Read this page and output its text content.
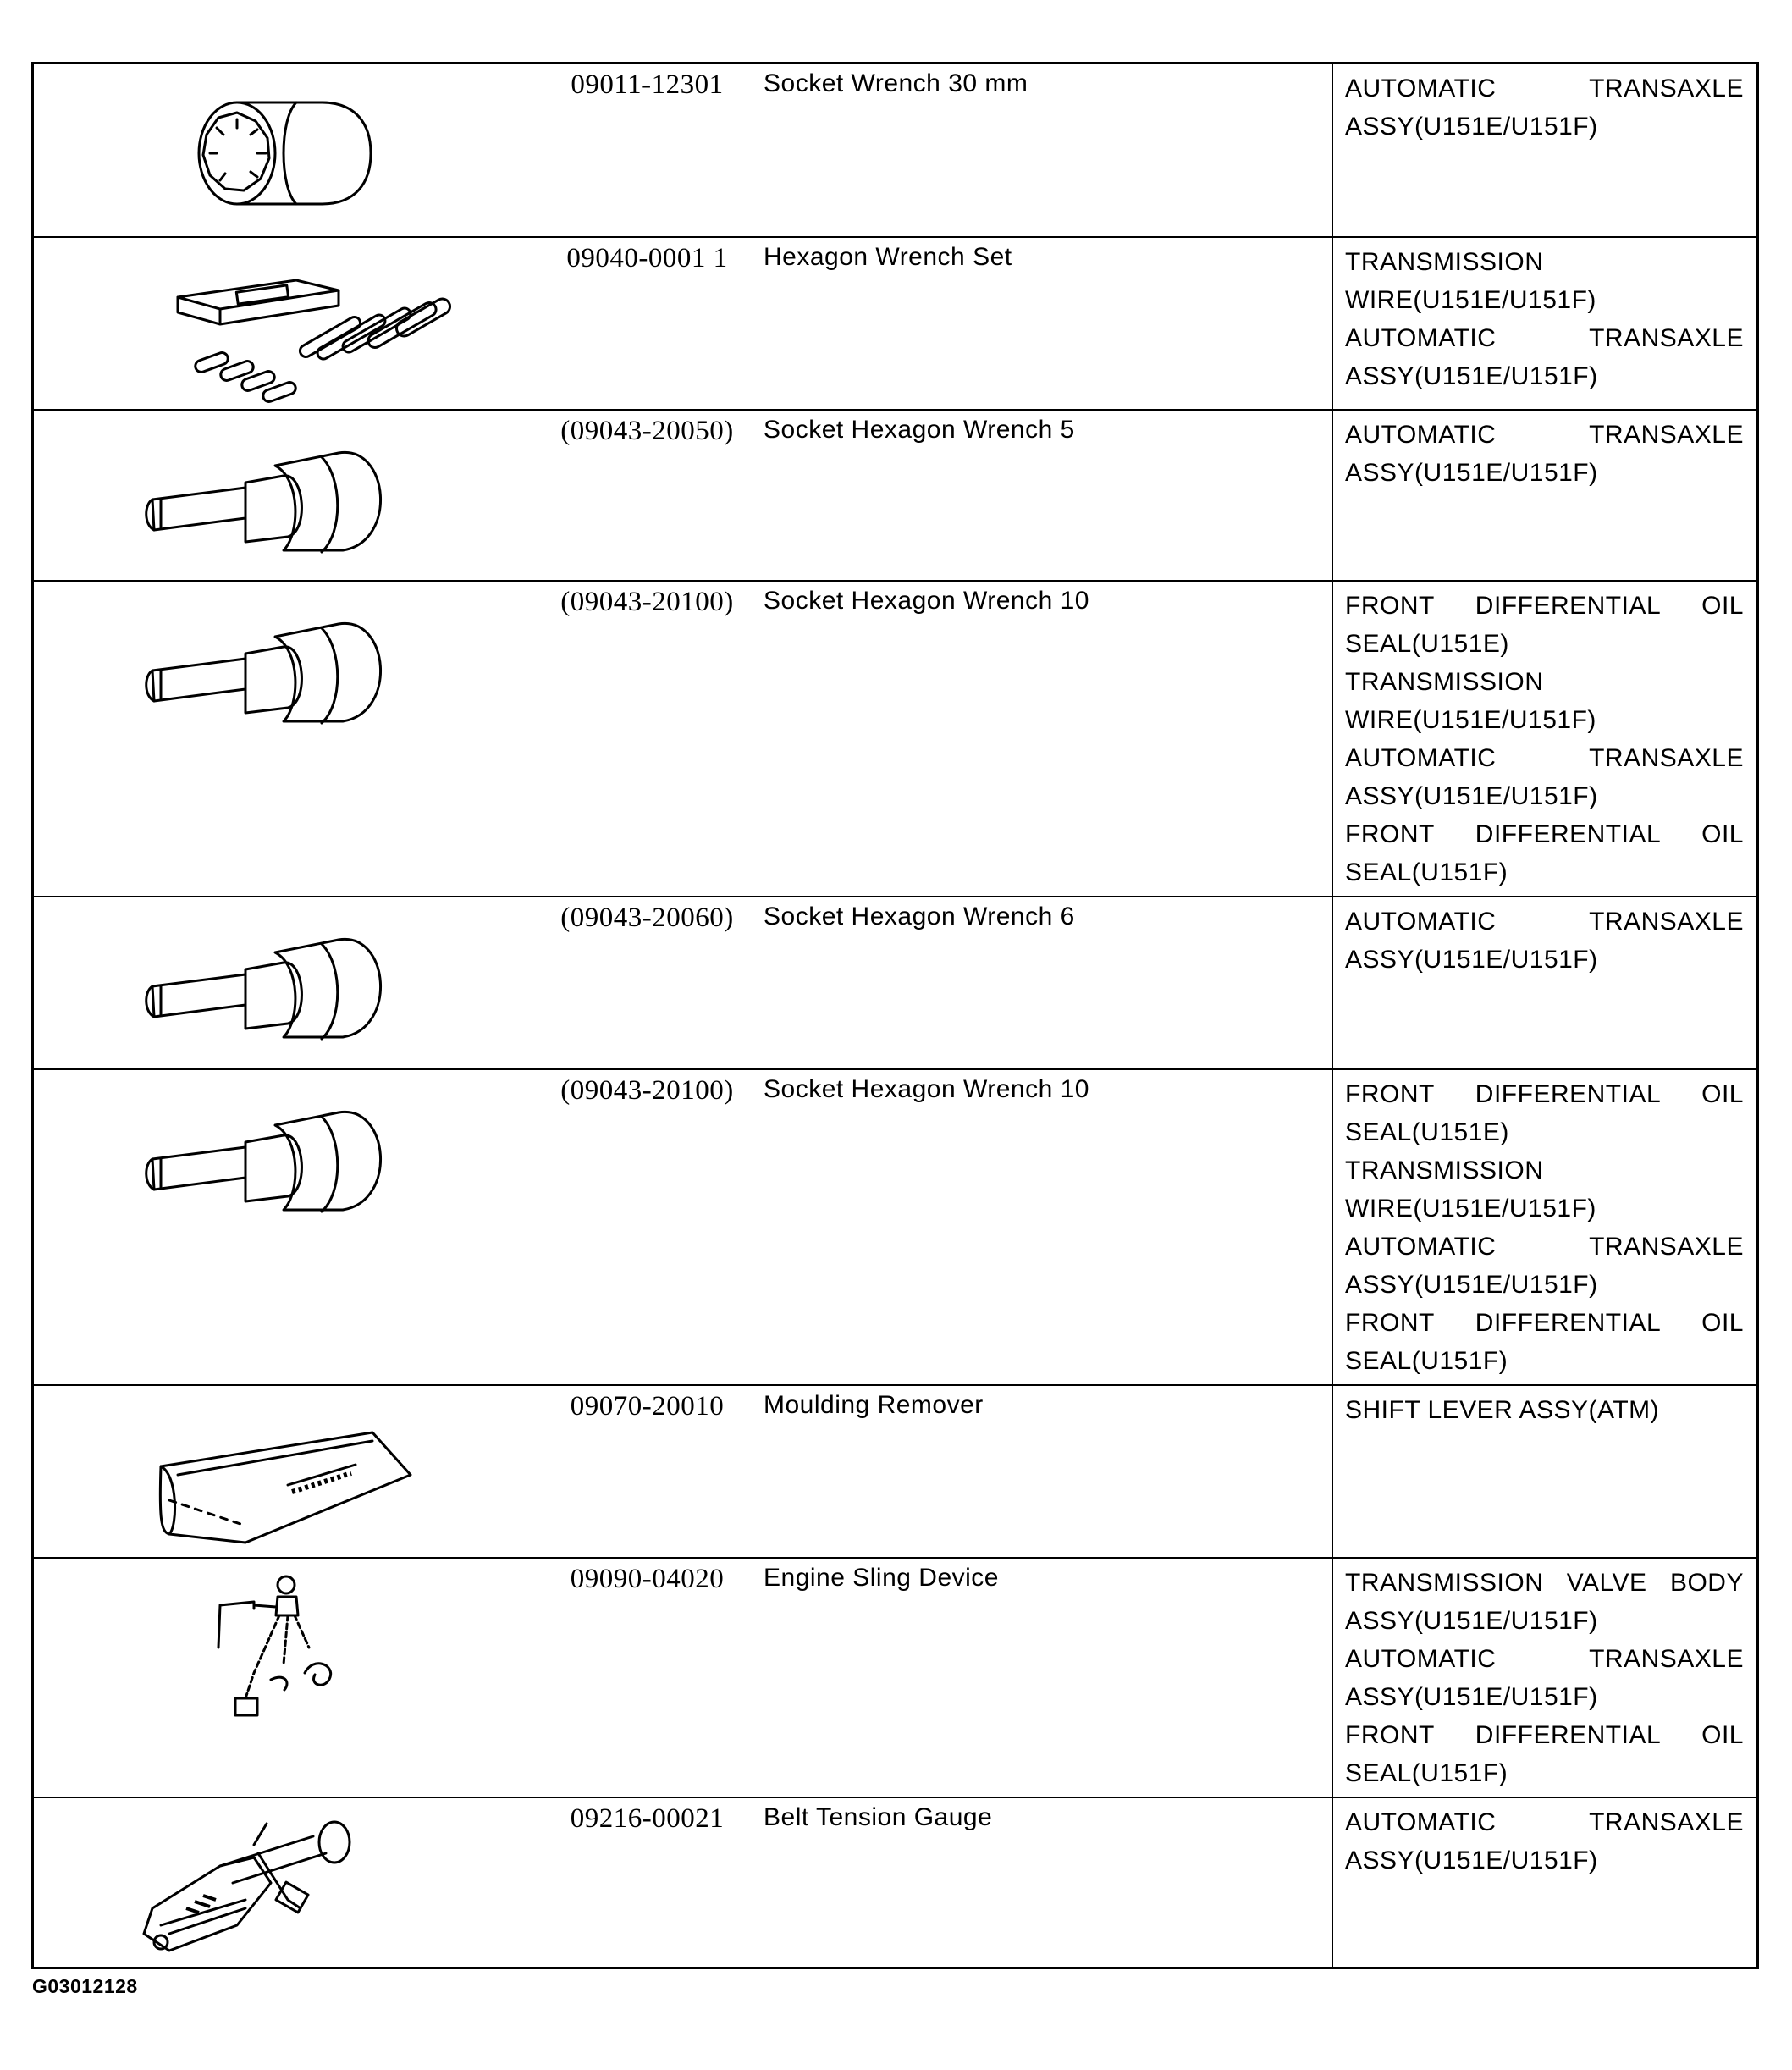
09011-12301	Socket Wrench 30 mm	AUTOMATIC	TRANSAXLE
ASSY(U151E/U151F)
09040-0001 1	Hexagon Wrench Set	TRANSMISSION
WIRE(U151E/U151F)
AUTOMATIC	TRANSAXLE
ASSY(U151E/U151F)
(09043-20050)	Socket Hexagon Wrench 5	AUTOMATIC	TRANSAXLE
ASSY(U151E/U151F)
(09043-20100)	Socket Hexagon Wrench 10	FRONT DIFFERENTIAL OIL
SEAL(U151E)
TRANSMISSION
WIRE(U151E/U151F)
AUTOMATIC	TRANSAXLE
ASSY(U151E/U151F)
FRONT DIFFERENTIAL OIL
SEAL(U151F)
(09043-20060)	Socket Hexagon Wrench 6	AUTOMATIC	TRANSAXLE
ASSY(U151E/U151F)
(09043-20100)	Socket Hexagon Wrench 10	FRONT DIFFERENTIAL OIL
SEAL(U151E)
TRANSMISSION
WIRE(U151E/U151F)
AUTOMATIC	TRANSAXLE
ASSY(U151E/U151F)
FRONT DIFFERENTIAL OIL
SEAL(U151F)
09070-20010	Moulding Remover	SHIFT LEVER ASSY(ATM)
09090-04020	Engine Sling Device	TRANSMISSION VALVE BODY
ASSY(U151E/U151F)
AUTOMATIC	TRANSAXLE
ASSY(U151E/U151F)
FRONT DIFFERENTIAL OIL
SEAL(U151F)
09216-00021	Belt Tension Gauge	AUTOMATIC	TRANSAXLE
ASSY(U151E/U151F)
G03012128
